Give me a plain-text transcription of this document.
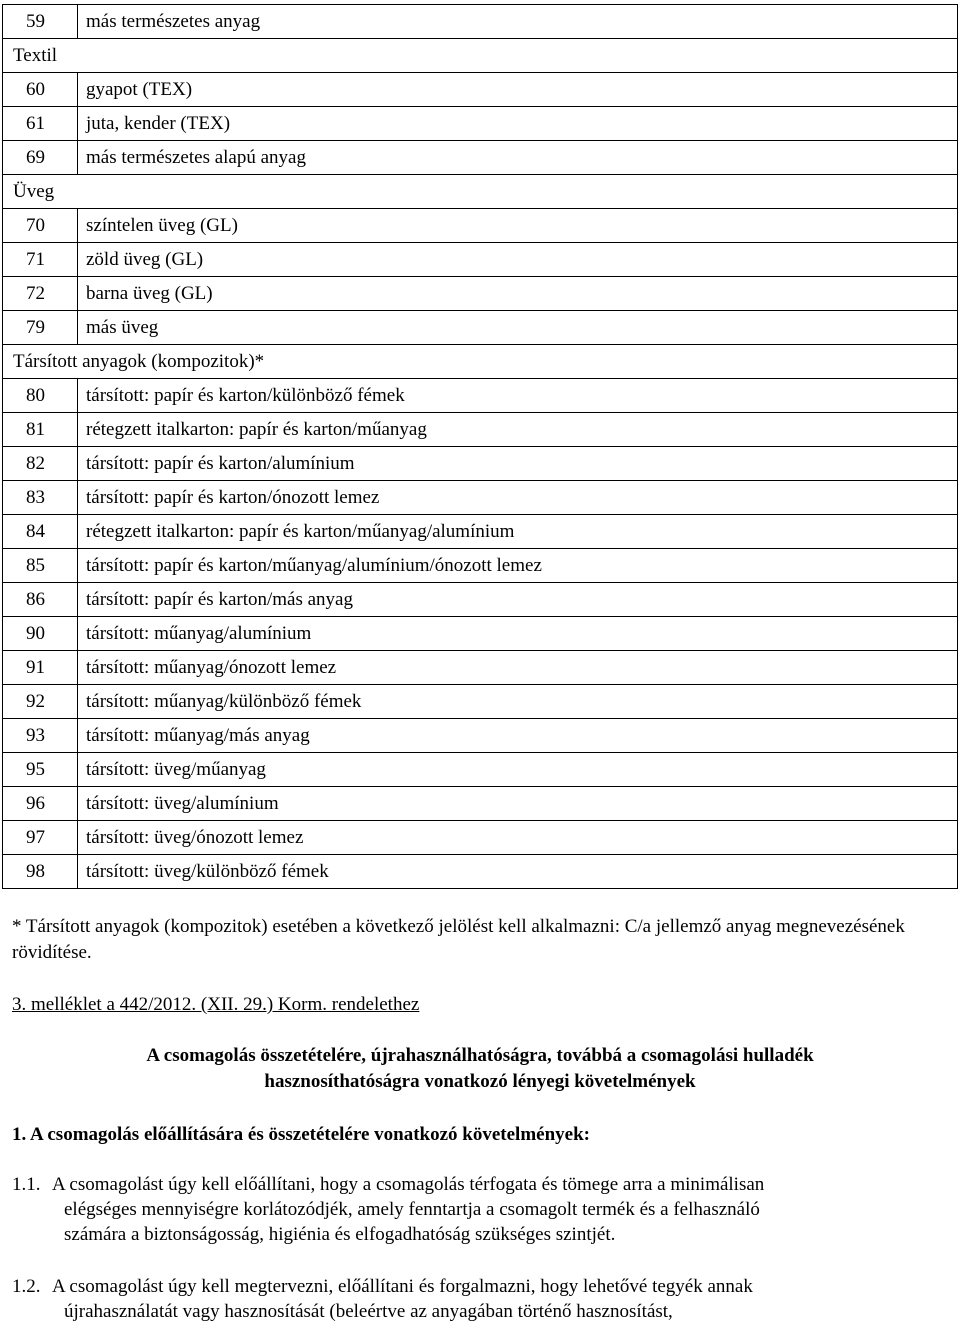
59	más természetes anyag
Textil	
60	gyapot (TEX)
61	juta, kender (TEX)
69	más természetes alapú anyag
Üveg	
70	színtelen üveg (GL)
71	zöld üveg (GL)
72	barna üveg (GL)
79	más üveg
Társított anyagok (kompozitok)*	
80	társított: papír és karton/különböző fémek
81	rétegzett italkarton: papír és karton/műanyag
82	társított: papír és karton/alumínium
83	társított: papír és karton/ónozott lemez
84	rétegzett italkarton: papír és karton/műanyag/alumínium
85	társított: papír és karton/műanyag/alumínium/ónozott lemez
86	társított: papír és karton/más anyag
90	társított: műanyag/alumínium
91	társított: műanyag/ónozott lemez
92	társított: műanyag/különböző fémek
93	társított: műanyag/más anyag
95	társított: üveg/műanyag
96	társított: üveg/alumínium
97	társított: üveg/ónozott lemez
98	társított: üveg/különböző fémek
* Társított anyagok (kompozitok) esetében a következő jelölést kell alkalmazni: C/a jellemző anyag megnevezésének rövidítése.
3. melléklet a 442/2012. (XII. 29.) Korm. rendelethez
A csomagolás összetételére, újrahasználhatóságra, továbbá a csomagolási hulladék
hasznosíthatóságra vonatkozó lényegi követelmények
1. A csomagolás előállítására és összetételére vonatkozó követelmények:
1.1. A csomagolást úgy kell előállítani, hogy a csomagolás térfogata és tömege arra a minimálisan
elégséges mennyiségre korlátozódjék, amely fenntartja a csomagolt termék és a felhasználó
számára a biztonságosság, higiénia és elfogadhatóság szükséges szintjét.
1.2. A csomagolást úgy kell megtervezni, előállítani és forgalmazni, hogy lehetővé tegyék annak
újrahasználatát vagy hasznosítását (beleértve az anyagában történő hasznosítást,
